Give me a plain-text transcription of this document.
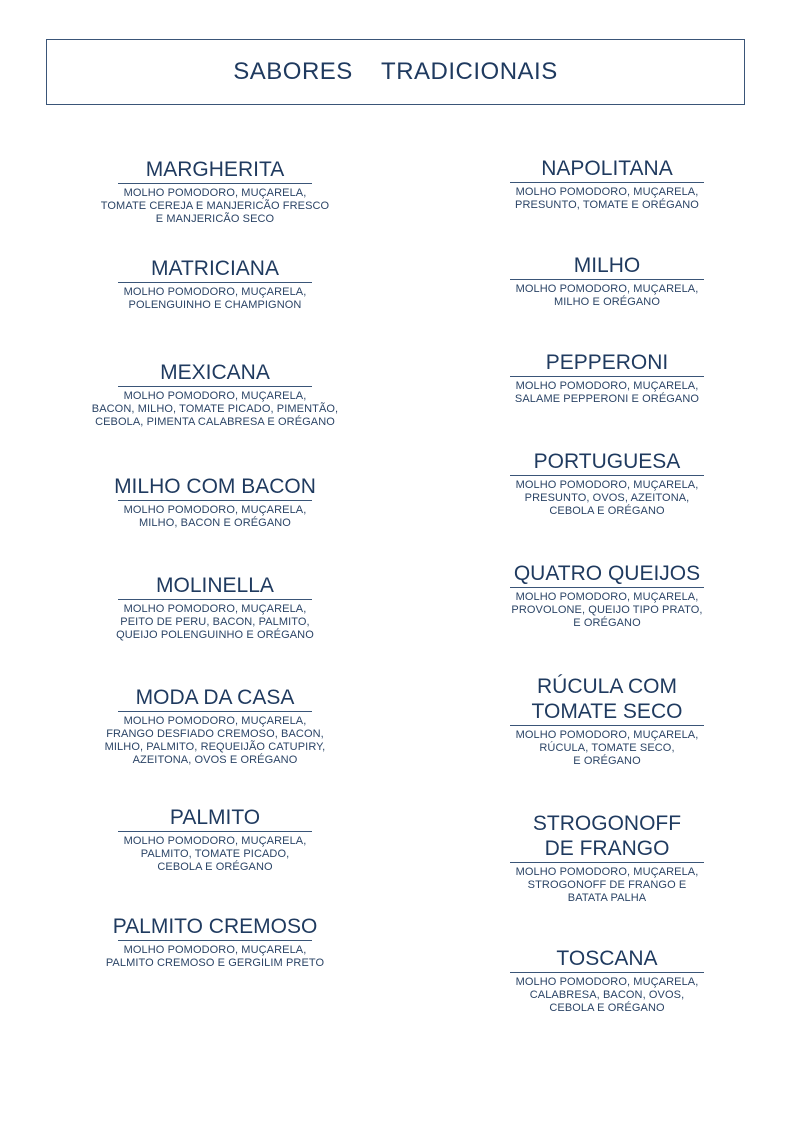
SABORES    TRADICIONAIS
MARGHERITA
MOLHO POMODORO, MUÇARELA,
TOMATE CEREJA E MANJERICÃO FRESCO
E MANJERICÃO SECO
MATRICIANA
MOLHO POMODORO, MUÇARELA,
POLENGUINHO E CHAMPIGNON
MEXICANA
MOLHO POMODORO, MUÇARELA,
BACON, MILHO, TOMATE PICADO, PIMENTÃO,
CEBOLA, PIMENTA CALABRESA E ORÉGANO
MILHO COM BACON
MOLHO POMODORO, MUÇARELA,
MILHO, BACON E ORÉGANO
MOLINELLA
MOLHO POMODORO, MUÇARELA,
PEITO DE PERU, BACON, PALMITO,
QUEIJO POLENGUINHO E ORÉGANO
MODA DA CASA
MOLHO POMODORO, MUÇARELA,
FRANGO DESFIADO CREMOSO, BACON,
MILHO, PALMITO, REQUEIJÃO CATUPIRY,
AZEITONA, OVOS E ORÉGANO
PALMITO
MOLHO POMODORO, MUÇARELA,
PALMITO, TOMATE PICADO,
CEBOLA E ORÉGANO
PALMITO CREMOSO
MOLHO POMODORO, MUÇARELA,
PALMITO CREMOSO E GERGILIM PRETO
NAPOLITANA
MOLHO POMODORO, MUÇARELA,
PRESUNTO, TOMATE E ORÉGANO
MILHO
MOLHO POMODORO, MUÇARELA,
MILHO E ORÉGANO
PEPPERONI
MOLHO POMODORO, MUÇARELA,
SALAME PEPPERONI E ORÉGANO
PORTUGUESA
MOLHO POMODORO, MUÇARELA,
PRESUNTO, OVOS, AZEITONA,
CEBOLA E ORÉGANO
QUATRO QUEIJOS
MOLHO POMODORO, MUÇARELA,
PROVOLONE, QUEIJO TIPO PRATO,
E ORÉGANO
RÚCULA COM
TOMATE SECO
MOLHO POMODORO, MUÇARELA,
RÚCULA, TOMATE SECO,
E ORÉGANO
STROGONOFF
DE FRANGO
MOLHO POMODORO, MUÇARELA,
STROGONOFF DE FRANGO E
BATATA PALHA
TOSCANA
MOLHO POMODORO, MUÇARELA,
CALABRESA, BACON, OVOS,
CEBOLA E ORÉGANO
